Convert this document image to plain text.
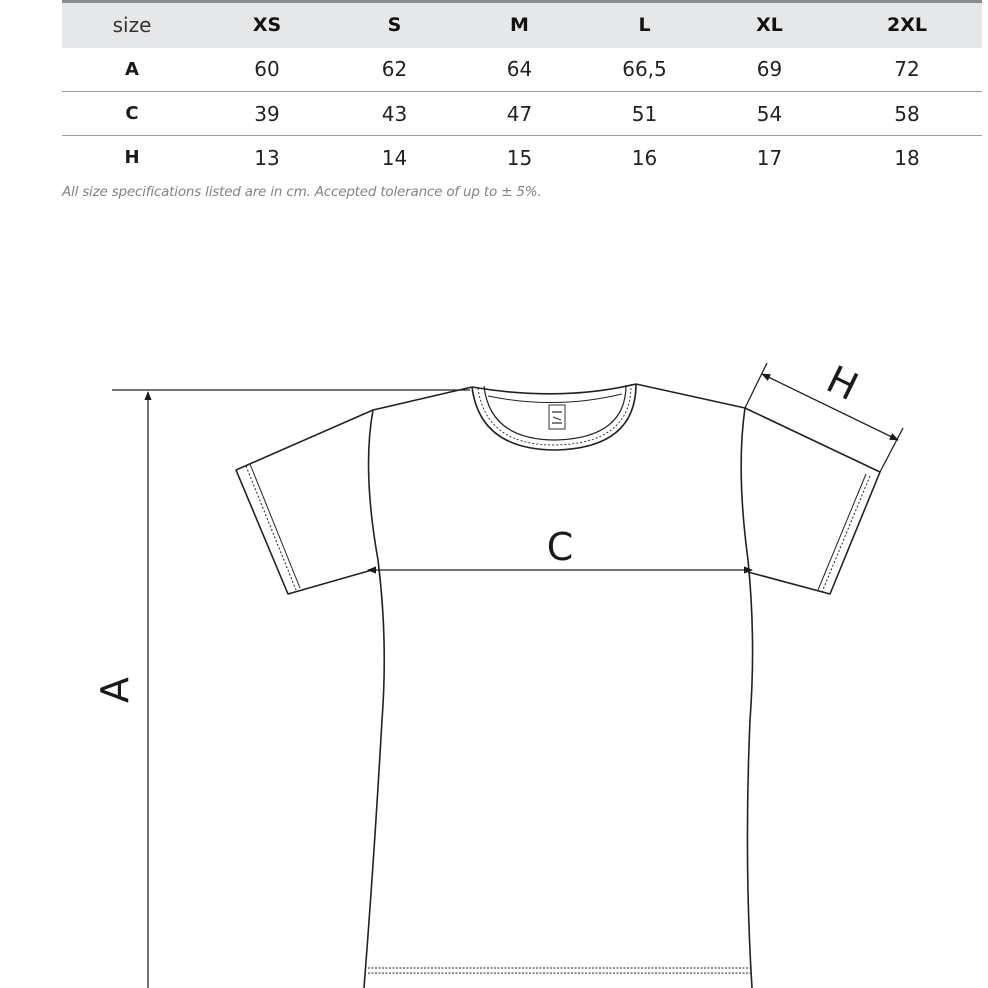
size	XS	S	M	L	XL	2XL
A	60	62	64	66,5	69	72
C	39	43	47	51	54	58
H	13	14	15	16	17	18
All size specifications listed are in cm. Accepted tolerance of up to ± 5%.
A
C
H
